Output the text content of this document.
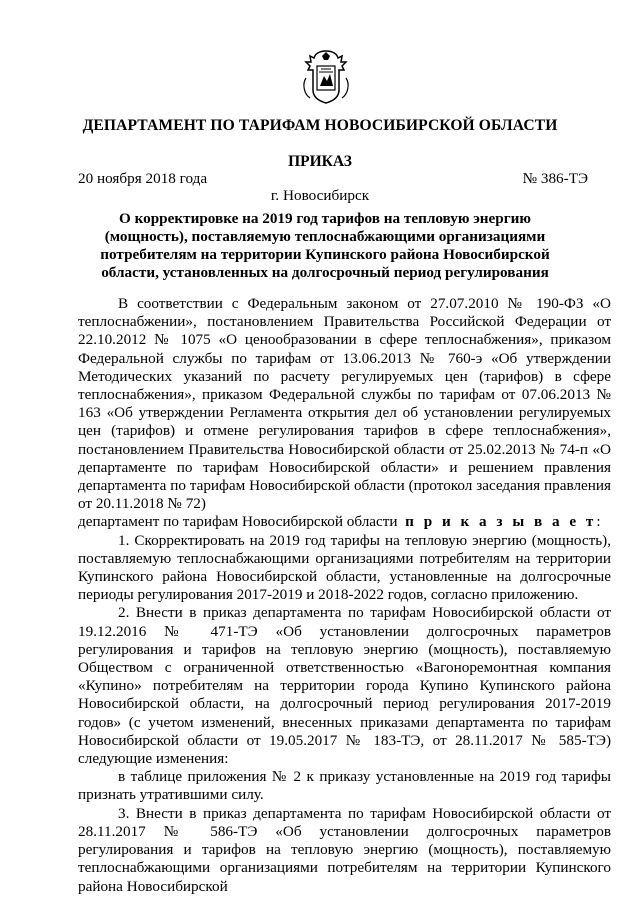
ДЕПАРТАМЕНТ ПО ТАРИФАМ НОВОСИБИРСКОЙ ОБЛАСТИ
ПРИКАЗ
20 ноября 2018 года	№ 386-ТЭ
г. Новосибирск
О корректировке на 2019 год тарифов на тепловую энергию (мощность), поставляемую теплоснабжающими организациями потребителям на территории Купинского района Новосибирской области, установленных на долгосрочный период регулирования

В соответствии с Федеральным законом от 27.07.2010 № 190-ФЗ «О теплоснабжении», постановлением Правительства Российской Федерации от 22.10.2012 № 1075 «О ценообразовании в сфере теплоснабжения», приказом Федеральной службы по тарифам от 13.06.2013 № 760-э «Об утверждении Методических указаний по расчету регулируемых цен (тарифов) в сфере теплоснабжения», приказом Федеральной службы по тарифам от 07.06.2013 № 163 «Об утверждении Регламента открытия дел об установлении регулируемых цен (тарифов) и отмене регулирования тарифов в сфере теплоснабжения», постановлением Правительства Новосибирской области от 25.02.2013 № 74-п «О департаменте по тарифам Новосибирской области» и решением правления департамента по тарифам Новосибирской области (протокол заседания правления от 20.11.2018 № 72)

департамент по тарифам Новосибирской области п р и к а з ы в а е т:

1. Скорректировать на 2019 год тарифы на тепловую энергию (мощность), поставляемую теплоснабжающими организациями потребителям на территории Купинского района Новосибирской области, установленные на долгосрочные периоды регулирования 2017-2019 и 2018-2022 годов, согласно приложению.

2. Внести в приказ департамента по тарифам Новосибирской области от 19.12.2016 № 471-ТЭ «Об установлении долгосрочных параметров регулирования и тарифов на тепловую энергию (мощность), поставляемую Обществом с ограниченной ответственностью «Вагоноремонтная компания «Купино» потребителям на территории города Купино Купинского района Новосибирской области, на долгосрочный период регулирования 2017-2019 годов» (с учетом изменений, внесенных приказами департамента по тарифам Новосибирской области от 19.05.2017 № 183-ТЭ, от 28.11.2017 № 585-ТЭ) следующие изменения:

в таблице приложения № 2 к приказу установленные на 2019 год тарифы признать утратившими силу.

3. Внести в приказ департамента по тарифам Новосибирской области от 28.11.2017 № 586-ТЭ «Об установлении долгосрочных параметров регулирования и тарифов на тепловую энергию (мощность), поставляемую теплоснабжающими организациями потребителям на территории Купинского района Новосибирской
